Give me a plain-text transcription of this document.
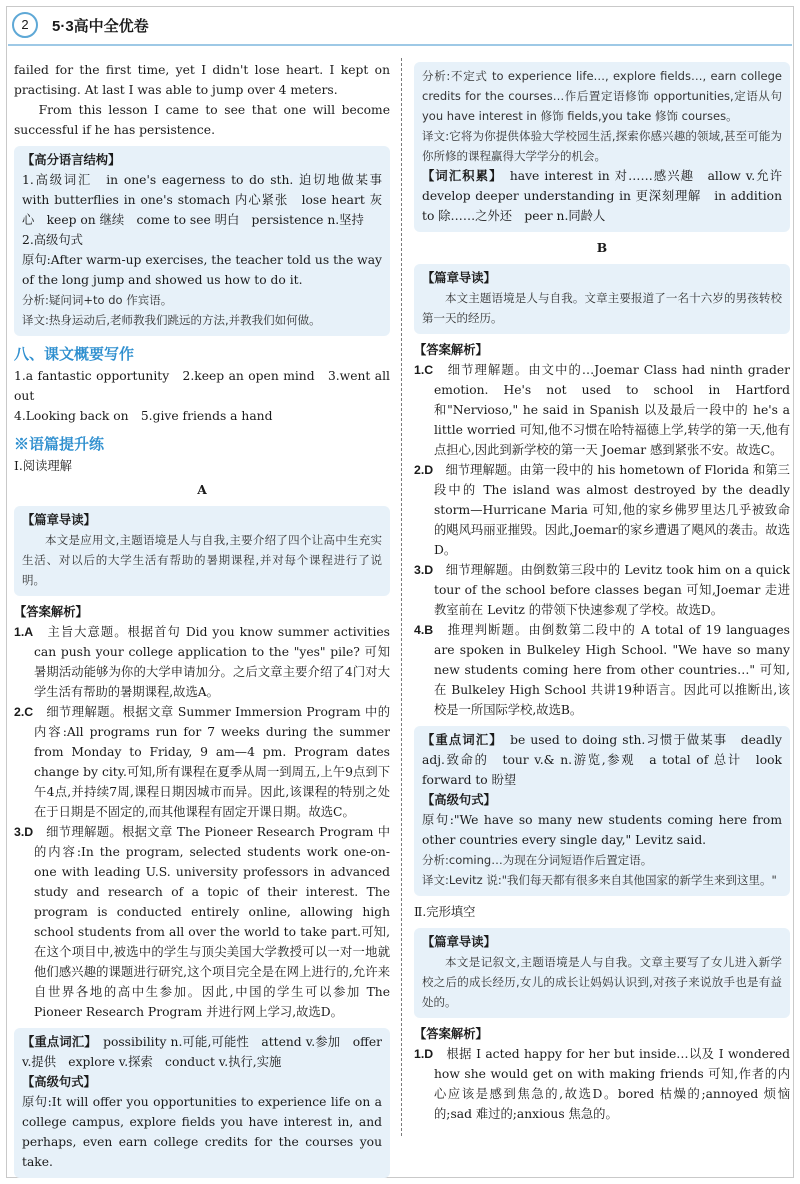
2	5·3高中全优卷

failed for the first time, yet I didn't lose heart. I kept on practising. At last I was able to jump over 4 meters.

From this lesson I came to see that one will become successful if he has persistence.

【高分语言结构】

1.高级词汇　in one's eagerness to do sth. 迫切地做某事　with butterflies in one's stomach 内心紧张　lose heart 灰心　keep on 继续　come to see 明白　persistence n.坚持

2.高级句式

原句:After warm-up exercises, the teacher told us the way of the long jump and showed us how to do it.

分析:疑问词+to do 作宾语。

译文:热身运动后,老师教我们跳远的方法,并教我们如何做。

八、课文概要写作

1.a fantastic opportunity　2.keep an open mind　3.went all out

4.Looking back on　5.give friends a hand

※语篇提升练

Ⅰ.阅读理解

A

【篇章导读】

本文是应用文,主题语境是人与自我,主要介绍了四个让高中生充实生活、对以后的大学生活有帮助的暑期课程,并对每个课程进行了说明。

【答案解析】

1.A　 主旨大意题。根据首句 Did you know summer activities can push your college application to the "yes" pile? 可知暑期活动能够为你的大学申请加分。之后文章主要介绍了4门对大学生活有帮助的暑期课程,故选A。

2.C　 细节理解题。根据文章 Summer Immersion Program 中的内容:All programs run for 7 weeks during the summer from Monday to Friday, 9 am—4 pm. Program dates change by city.可知,所有课程在夏季从周一到周五,上午9点到下午4点,并持续7周,课程日期因城市而异。因此,该课程的特别之处在于日期是不固定的,而其他课程有固定开课日期。故选C。

3.D　 细节理解题。根据文章 The Pioneer Research Program 中的内容:In the program, selected students work one-on-one with leading U.S. university professors in advanced study and research of a topic of their interest. The program is conducted entirely online, allowing high school students from all over the world to take part.可知,在这个项目中,被选中的学生与顶尖美国大学教授可以一对一地就他们感兴趣的课题进行研究,这个项目完全是在网上进行的,允许来自世界各地的高中生参加。因此,中国的学生可以参加 The Pioneer Research Program 并进行网上学习,故选D。

【重点词汇】　 possibility n.可能,可能性　attend v.参加　offer v.提供　explore v.探索　conduct v.执行,实施

【高级句式】

原句:It will offer you opportunities to experience life on a college campus, explore fields you have interest in, and perhaps, even earn college credits for the courses you take.

分析:不定式 to experience life…, explore fields…, earn college credits for the courses…作后置定语修饰 opportunities,定语从句 you have interest in 修饰 fields,you take 修饰 courses。

译文:它将为你提供体验大学校园生活,探索你感兴趣的领域,甚至可能为你所修的课程赢得大学学分的机会。

【词汇积累】　 have interest in 对……感兴趣　allow v.允许　develop deeper understanding in 更深刻理解　in addition to 除……之外还　peer n.同龄人

B

【篇章导读】

本文主题语境是人与自我。文章主要报道了一名十六岁的男孩转校第一天的经历。

【答案解析】

1.C　 细节理解题。由文中的…Joemar Class had ninth grader emotion. He's not used to school in Hartford 和"Nervioso," he said in Spanish 以及最后一段中的 he's a little worried 可知,他不习惯在哈特福德上学,转学的第一天,他有点担心,因此到新学校的第一天 Joemar 感到紧张不安。故选C。

2.D　 细节理解题。由第一段中的 his hometown of Florida 和第三段中的 The island was almost destroyed by the deadly storm—Hurricane Maria 可知,他的家乡佛罗里达几乎被致命的飓风玛丽亚摧毁。因此,Joemar的家乡遭遇了飓风的袭击。故选D。

3.D　 细节理解题。由倒数第三段中的 Levitz took him on a quick tour of the school before classes began 可知,Joemar 走进教室前在 Levitz 的带领下快速参观了学校。故选D。

4.B　 推理判断题。由倒数第二段中的 A total of 19 languages are spoken in Bulkeley High School. "We have so many new students coming here from other countries…" 可知,在 Bulkeley High School 共讲19种语言。因此可以推断出,该校是一所国际学校,故选B。

【重点词汇】　 be used to doing sth.习惯于做某事　deadly adj.致命的　tour v.& n.游览,参观　a total of 总计　look forward to 盼望

【高级句式】

原句:"We have so many new students coming here from other countries every single day," Levitz said.

分析:coming…为现在分词短语作后置定语。

译文:Levitz 说:"我们每天都有很多来自其他国家的新学生来到这里。"

Ⅱ.完形填空

【篇章导读】

本文是记叙文,主题语境是人与自我。文章主要写了女儿进入新学校之后的成长经历,女儿的成长让妈妈认识到,对孩子来说放手也是有益处的。

【答案解析】

1.D　 根据 I acted happy for her but inside…以及 I wondered how she would get on with making friends 可知,作者的内心应该是感到焦急的,故选D。bored 枯燥的;annoyed 烦恼的;sad 难过的;anxious 焦急的。
